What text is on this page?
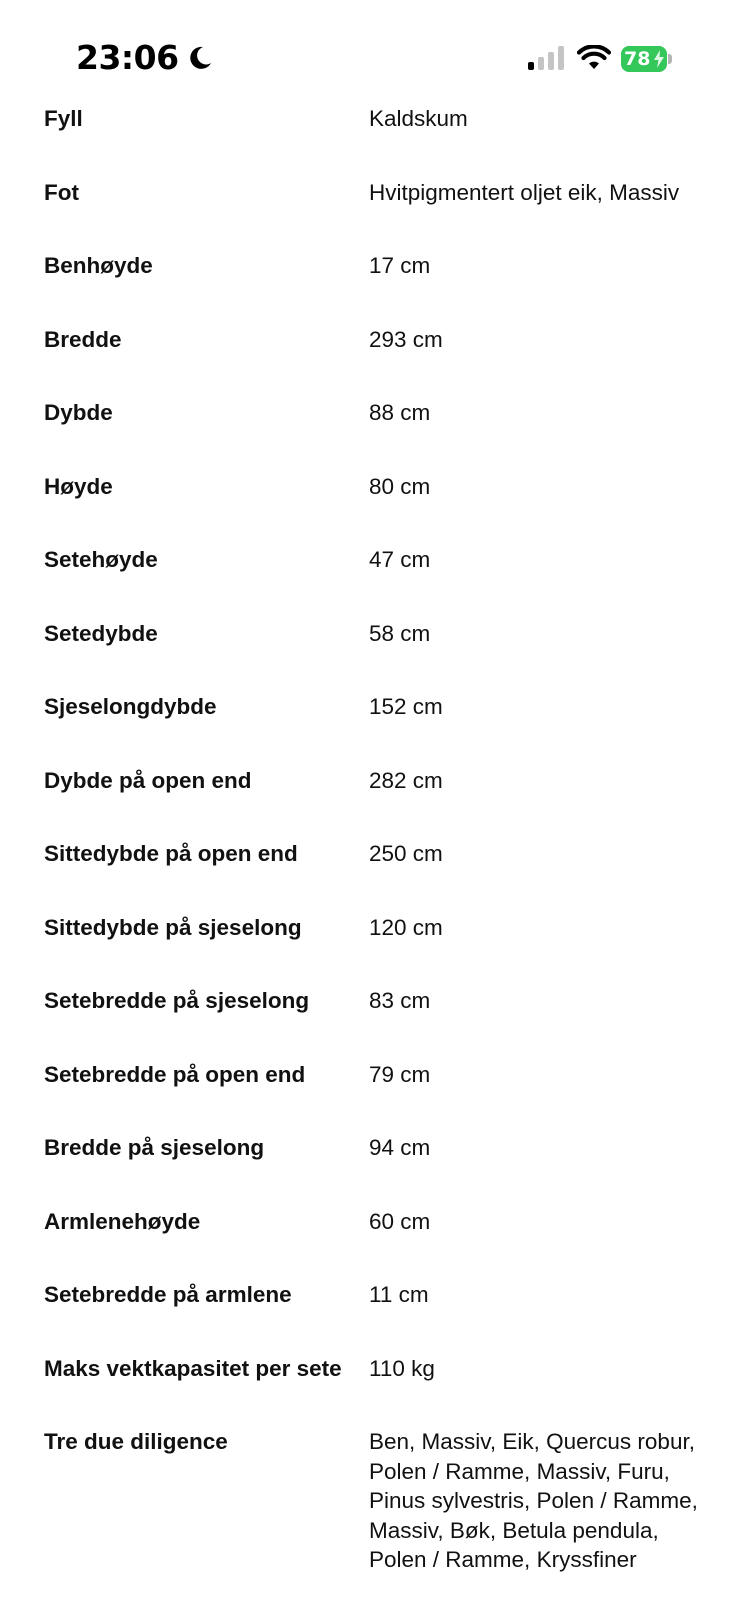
23:06	78
Fyll	Kaldskum
Fot	Hvitpigmentert oljet eik, Massiv
Benhøyde	17 cm
Bredde	293 cm
Dybde	88 cm
Høyde	80 cm
Setehøyde	47 cm
Setedybde	58 cm
Sjeselongdybde	152 cm
Dybde på open end	282 cm
Sittedybde på open end	250 cm
Sittedybde på sjeselong	120 cm
Setebredde på sjeselong	83 cm
Setebredde på open end	79 cm
Bredde på sjeselong	94 cm
Armlenehøyde	60 cm
Setebredde på armlene	11 cm
Maks vektkapasitet per sete	110 kg
Tre due diligence	Ben, Massiv, Eik, Quercus robur, Polen / Ramme, Massiv, Furu, Pinus sylvestris, Polen / Ramme, Massiv, Bøk, Betula pendula, Polen / Ramme, Kryssfiner
